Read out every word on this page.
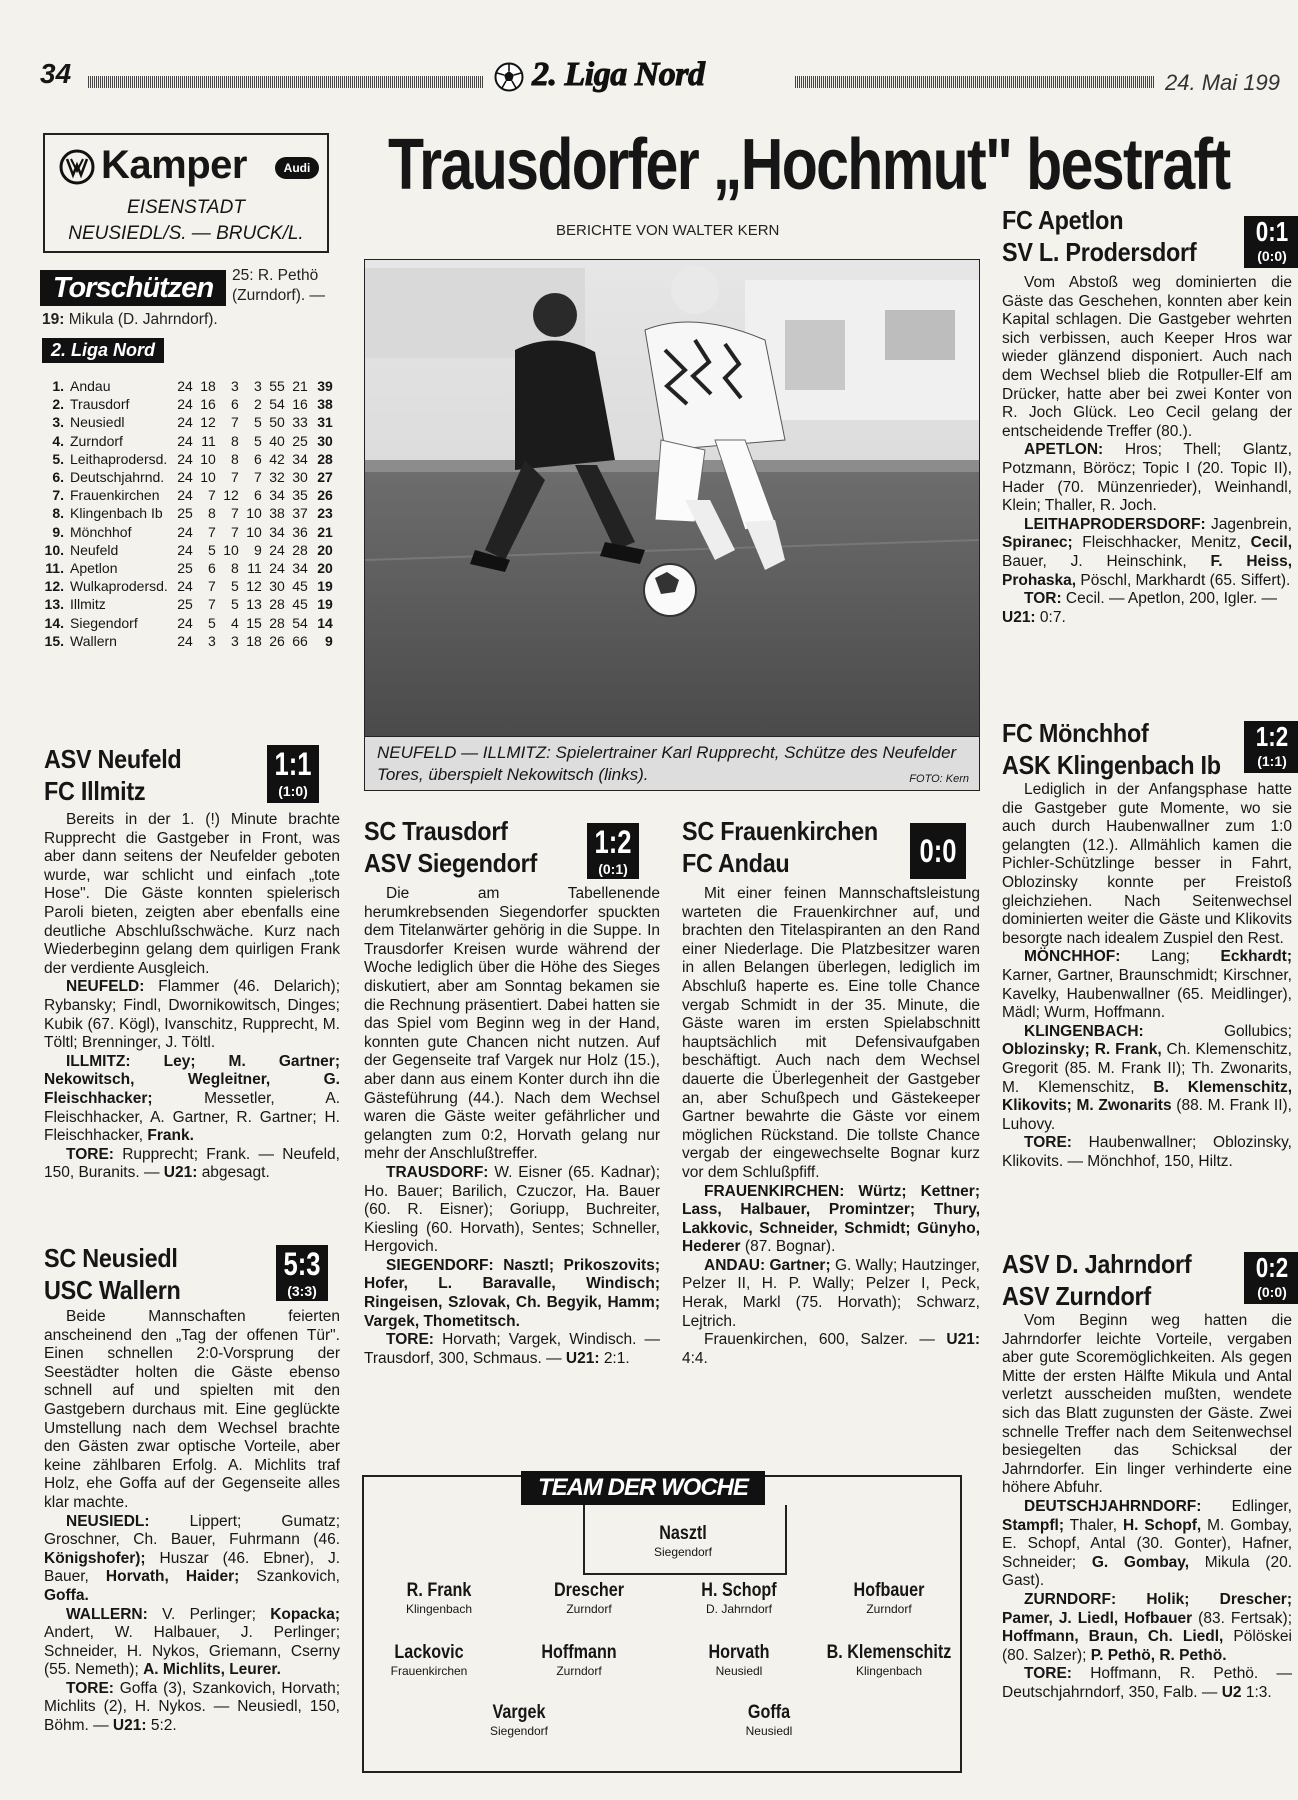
34	2. Liga Nord	24. Mai 199
Kamper	Audi
EISENSTADT
NEUSIEDL/S. — BRUCK/L.
Torschützen	25: R. Pethö (Zurndorf). —
19: Mikula (D. Jahrndorf).
2. Liga Nord
1.	Andau	24	18	3	3	55	21	39
2.	Trausdorf	24	16	6	2	54	16	38
3.	Neusiedl	24	12	7	5	50	33	31
4.	Zurndorf	24	11	8	5	40	25	30
5.	Leithaprodersd.	24	10	8	6	42	34	28
6.	Deutschjahrnd.	24	10	7	7	32	30	27
7.	Frauenkirchen	24	7	12	6	34	35	26
8.	Klingenbach Ib	25	8	7	10	38	37	23
9.	Mönchhof	24	7	7	10	34	36	21
10.	Neufeld	24	5	10	9	24	28	20
11.	Apetlon	25	6	8	11	24	34	20
12.	Wulkaprodersd.	24	7	5	12	30	45	19
13.	Illmitz	25	7	5	13	28	45	19
14.	Siegendorf	24	5	4	15	28	54	14
15.	Wallern	24	3	3	18	26	66	9
Trausdorfer „Hochmut" bestraft
BERICHTE VON WALTER KERN
NEUFELD — ILLMITZ: Spielertrainer Karl Rupprecht, Schütze des Neufelder Tores, überspielt Nekowitsch (links).	FOTO: Kern
ASV Neufeld
FC Illmitz
1:1
(1:0)

Bereits in der 1. (!) Minute brachte Rupprecht die Gastgeber in Front, was aber dann seitens der Neufelder geboten wurde, war schlicht und einfach „tote Hose". Die Gäste konnten spielerisch Paroli bieten, zeigten aber ebenfalls eine deutliche Abschlußschwäche. Kurz nach Wiederbeginn gelang dem quirligen Frank der verdiente Ausgleich.

NEUFELD: Flammer (46. Delarich); Rybansky; Findl, Dwornikowitsch, Dinges; Kubik (67. Kögl), Ivanschitz, Rupprecht, M. Töltl; Brenninger, J. Töltl.

ILLMITZ: Ley; M. Gartner; Nekowitsch, Wegleitner, G. Fleischhacker;	Messetler, A. Fleischhacker, A. Gartner, R. Gartner; H. Fleischhacker, Frank.

TORE: Rupprecht; Frank. — Neufeld, 150, Buranits. — U21: abgesagt.

SC Neusiedl
USC Wallern
5:3
(3:3)

Beide Mannschaften feierten anscheinend den „Tag der offenen Tür". Einen schnellen 2:0-Vorsprung der Seestädter holten die Gäste ebenso schnell auf und spielten mit den Gastgebern durchaus mit. Eine geglückte Umstellung nach dem Wechsel brachte den Gästen zwar optische Vorteile, aber keine zählbaren Erfolg. A. Michlits traf Holz, ehe Goffa auf der Gegenseite alles klar machte.

NEUSIEDL:	Lippert; Gumatz; Groschner, Ch. Bauer, Fuhrmann (46. Königshofer); Huszar (46. Ebner), J. Bauer, Horvath, Haider; Szankovich, Goffa.

WALLERN: V. Perlinger; Kopacka; Andert, W. Halbauer, J. Perlinger; Schneider, H. Nykos, Griemann, Cserny (55. Nemeth); A. Michlits, Leurer.

TORE: Goffa (3), Szankovich, Horvath; Michlits (2), H. Nykos. — Neusiedl, 150, Böhm. — U21: 5:2.

SC Trausdorf
ASV Siegendorf
1:2
(0:1)

Die am Tabellenende herumkrebsenden Siegendorfer spuckten dem Titelanwärter gehörig in die Suppe. In Trausdorfer Kreisen wurde während der Woche lediglich über die Höhe des Sieges diskutiert, aber am Sonntag bekamen sie die Rechnung präsentiert. Dabei hatten sie das Spiel vom Beginn weg in der Hand, konnten gute Chancen nicht nutzen. Auf der Gegenseite traf Vargek nur Holz (15.), aber dann aus einem Konter durch ihn die Gästeführung (44.). Nach dem Wechsel waren die Gäste weiter gefährlicher und gelangten zum 0:2, Horvath gelang nur mehr der Anschlußtreffer.

TRAUSDORF: W. Eisner (65. Kadnar); Ho. Bauer; Barilich, Czuczor, Ha. Bauer (60. R. Eisner); Goriupp, Buchreiter, Kiesling (60. Horvath), Sentes; Schneller, Hergovich.

SIEGENDORF: Nasztl; Prikoszovits; Hofer, L. Baravalle, Windisch; Ringeisen, Szlovak, Ch. Begyik, Hamm; Vargek, Thometitsch.

TORE: Horvath; Vargek, Windisch. — Trausdorf, 300, Schmaus. — U21: 2:1.

SC Frauenkirchen
FC Andau	0:0

Mit einer feinen Mannschaftsleistung warteten die Frauenkirchner auf, und brachten den Titelaspiranten an den Rand einer Niederlage. Die Platzbesitzer waren in allen Belangen überlegen, lediglich im Abschluß haperte es. Eine tolle Chance vergab Schmidt in der 35. Minute, die Gäste waren im ersten Spielabschnitt hauptsächlich mit Defensivaufgaben beschäftigt. Auch nach dem Wechsel dauerte die Überlegenheit der Gastgeber an, aber Schußpech und Gästekeeper Gartner bewahrte die Gäste vor einem möglichen Rückstand. Die tollste Chance vergab der eingewechselte Bognar kurz vor dem Schlußpfiff.

FRAUENKIRCHEN: Würtz; Kettner; Lass, Halbauer, Promintzer; Thury, Lakkovic, Schneider, Schmidt; Günyho, Hederer (87. Bognar).

ANDAU: Gartner; G. Wally; Hautzinger, Pelzer II, H. P. Wally; Pelzer I, Peck, Herak, Markl (75. Horvath); Schwarz, Lejtrich.

Frauenkirchen, 600, Salzer. — U21: 4:4.

TEAM DER WOCHE
Nasztl
Siegendorf
R. Frank
Klingenbach
Drescher
Zurndorf
H. Schopf
D. Jahrndorf
Hofbauer
Zurndorf
Lackovic
Frauenkirchen
Hoffmann
Zurndorf
Horvath
Neusiedl
B. Klemenschitz
Klingenbach
Vargek
Siegendorf
Goffa
Neusiedl
FC Apetlon
SV L. Prodersdorf
0:1
(0:0)

Vom Abstoß weg dominierten die Gäste das Geschehen, konnten aber kein Kapital schlagen. Die Gastgeber wehrten sich verbissen, auch Keeper Hros war wieder glänzend disponiert. Auch nach dem Wechsel blieb die Rotpuller-Elf am Drücker, hatte aber bei zwei Konter von R. Joch Glück. Leo Cecil gelang der entscheidende Treffer (80.).

APETLON: Hros; Thell; Glantz, Potzmann, Böröcz; Topic I (20. Topic II), Hader (70. Münzenrieder), Weinhandl, Klein; Thaller, R. Joch.

LEITHAPRODERSDORF: Jagenbrein, Spiranec; Fleischhacker, Menitz, Cecil, Bauer, J. Heinschink, F. Heiss, Prohaska, Pöschl, Markhardt (65. Siffert).

TOR: Cecil. — Apetlon, 200, Igler. —
U21: 0:7.

FC Mönchhof
ASK Klingenbach Ib
1:2
(1:1)

Lediglich in der Anfangsphase hatte die Gastgeber gute Momente, wo sie auch durch Haubenwallner zum 1:0 gelangten (12.). Allmählich kamen die Pichler-Schützlinge besser in Fahrt, Oblozinsky konnte per Freistoß gleichziehen. Nach Seitenwechsel dominierten weiter die Gäste und Klikovits besorgte nach idealem Zuspiel den Rest.

MÖNCHHOF: Lang; Eckhardt; Karner, Gartner, Braunschmidt; Kirschner, Kavelky, Haubenwallner (65. Meidlinger), Mädl; Wurm, Hoffmann.

KLINGENBACH:	Gollubics; Oblozinsky; R. Frank, Ch. Klemenschitz, Gregorit (85. M. Frank II); Th. Zwonarits, M. Klemenschitz, B. Klemenschitz, Klikovits; M. Zwonarits (88. M. Frank II), Luhovy.

TORE: Haubenwallner; Oblozinsky, Klikovits. — Mönchhof, 150, Hiltz.

ASV D. Jahrndorf
ASV Zurndorf
0:2
(0:0)

Vom Beginn weg hatten die Jahrndorfer leichte Vorteile, vergaben aber gute Scoremöglichkeiten. Als gegen Mitte der ersten Hälfte Mikula und Antal verletzt ausscheiden mußten, wendete sich das Blatt zugunsten der Gäste. Zwei schnelle Treffer nach dem Seitenwechsel besiegelten das Schicksal der Jahrndorfer. Ein linger verhinderte eine höhere Abfuhr.

DEUTSCHJAHRNDORF: Edlinger, Stampfl; Thaler, H. Schopf, M. Gombay, E. Schopf, Antal (30. Gonter), Hafner, Schneider; G. Gombay, Mikula (20. Gast).

ZURNDORF: Holik; Drescher; Pamer, J. Liedl, Hofbauer (83. Fertsak); Hoffmann, Braun, Ch. Liedl, Pölöskei (80. Salzer); P. Pethö, R. Pethö.

TORE: Hoffmann, R. Pethö. — Deutschjahrndorf, 350, Falb. — U2 1:3.
